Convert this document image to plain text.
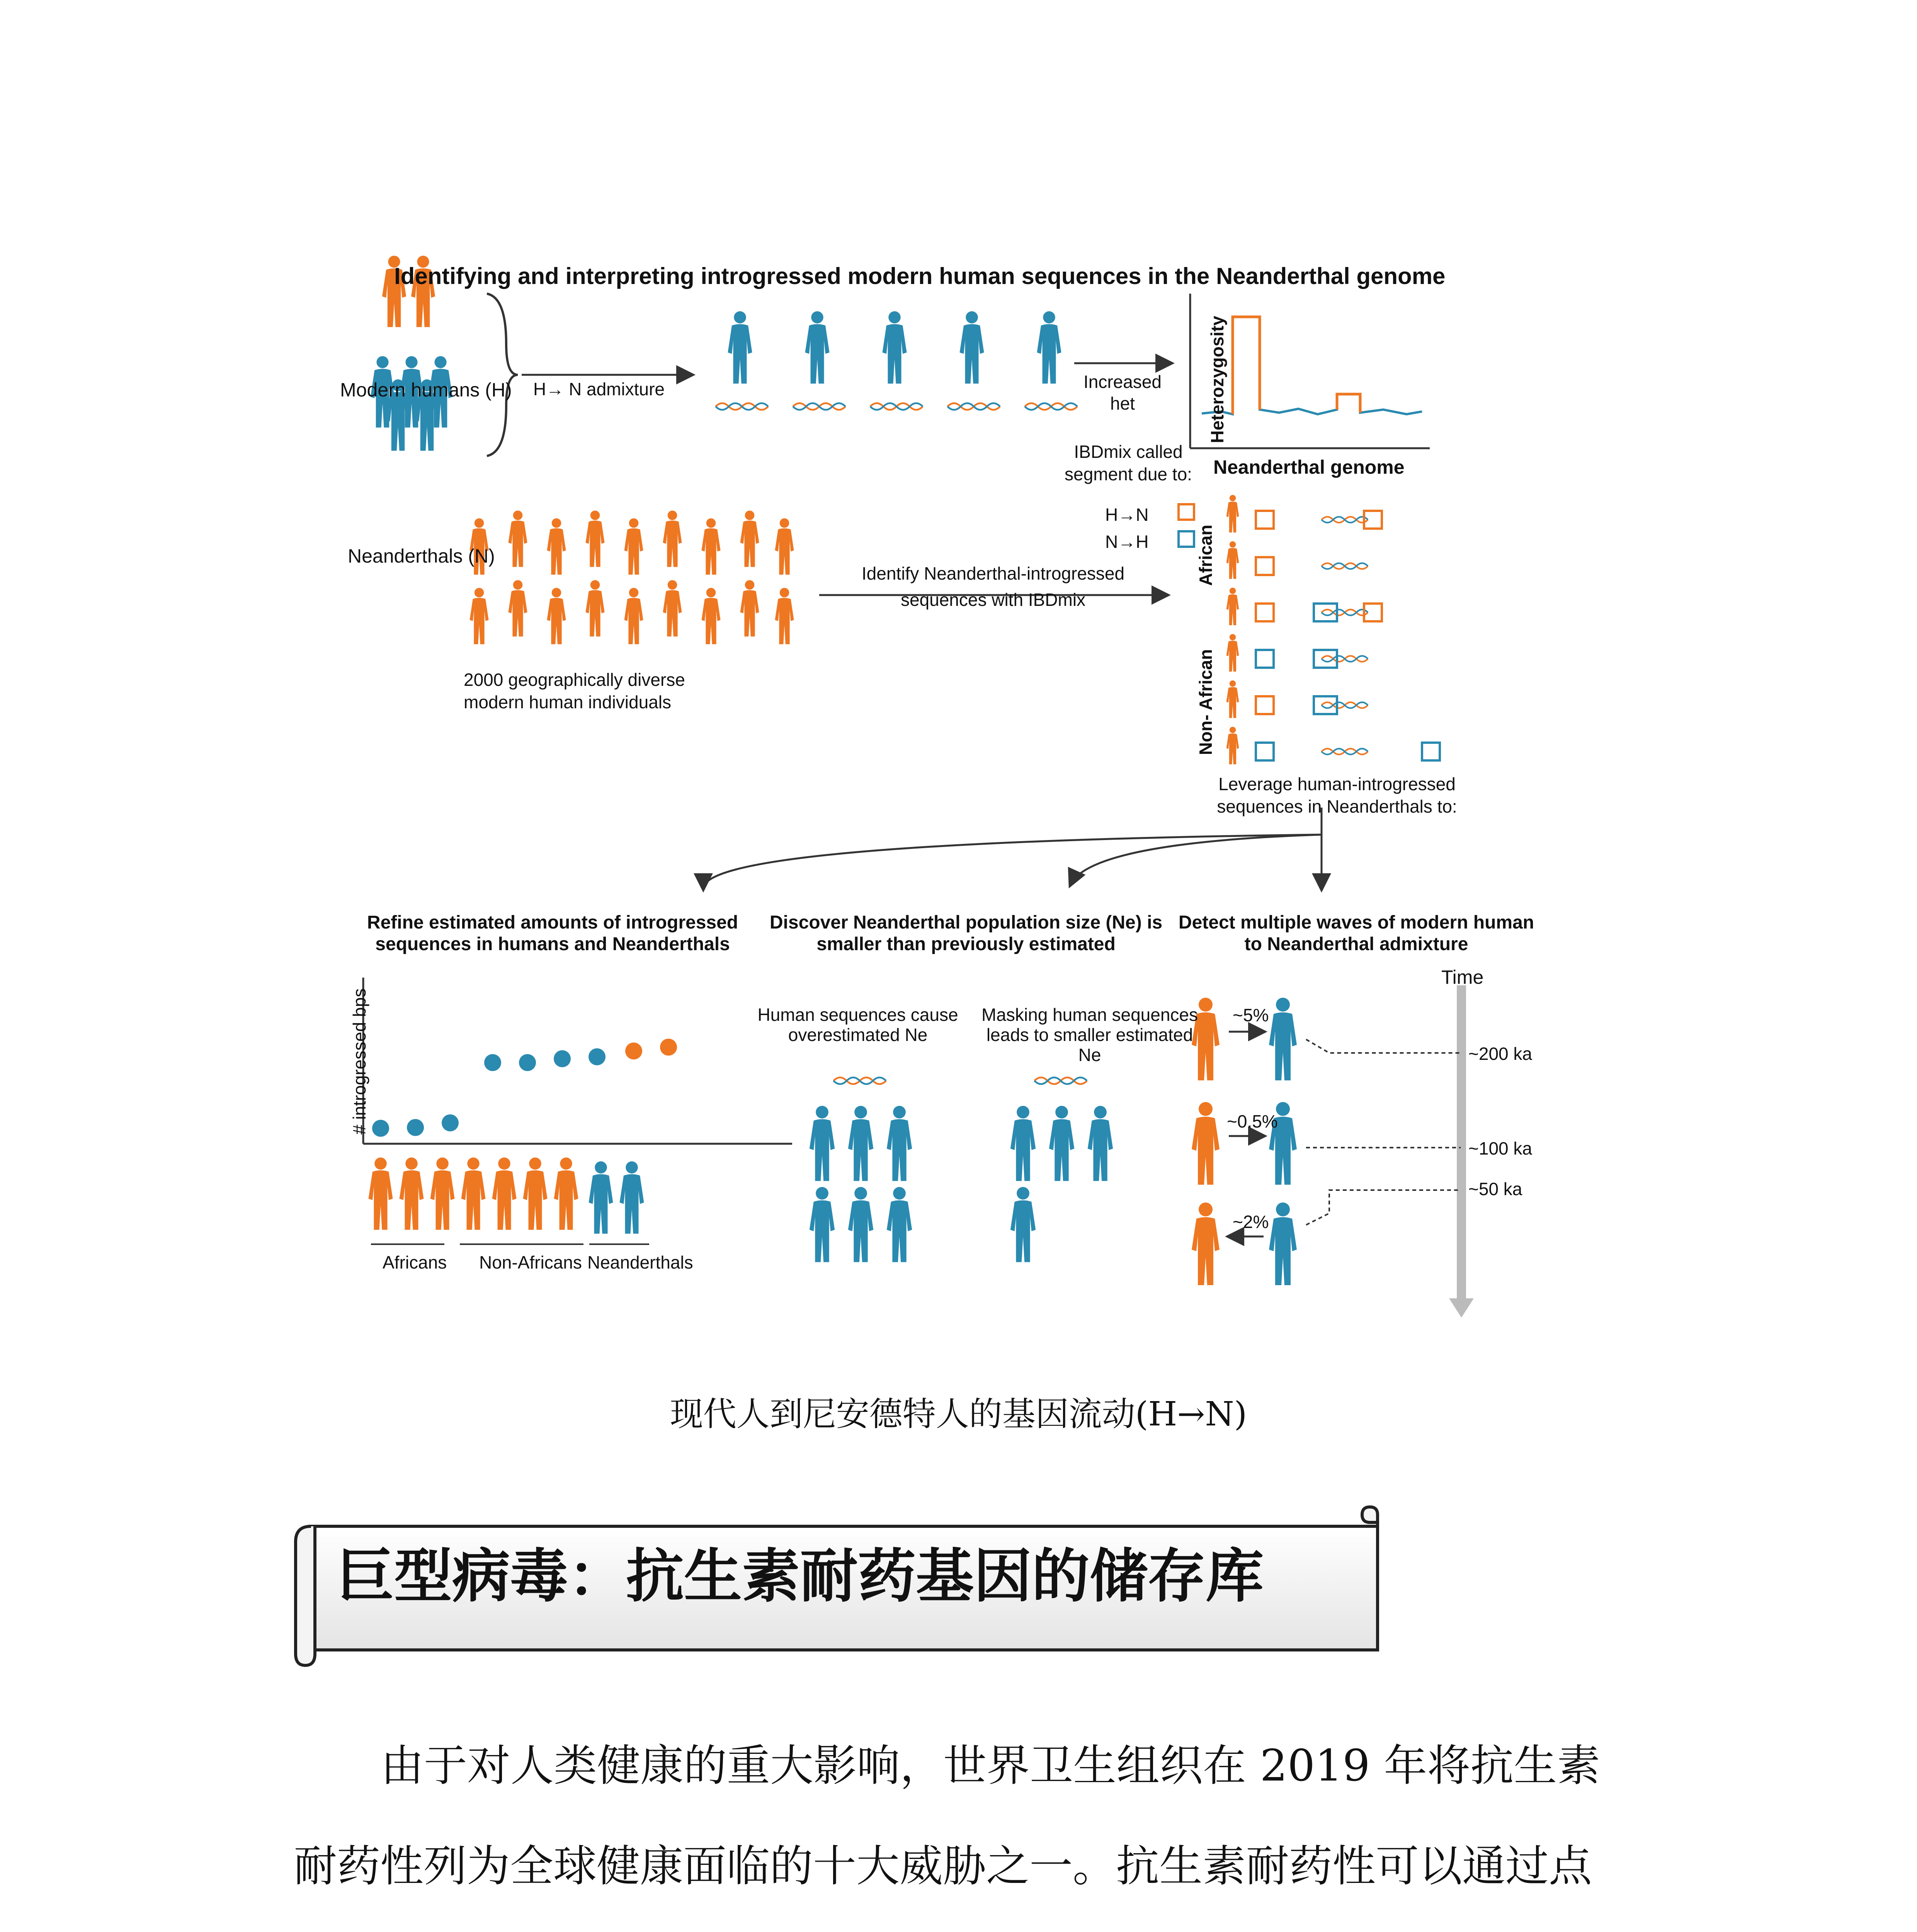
Identifying and interpreting introgressed modern human sequences in the Neanderthal genome
Modern humans (H)
Neanderthals (N)
H→ N admixture	Increased
het	Heterozygosity
Neanderthal genome
2000 geographically diverse modern human individuals
Identify Neanderthal-introgressed sequences with IBDmix
IBDmix called segment due to:
H→N
N→H	African
Non- African
Leverage human-introgressed sequences in Neanderthals to:
Refine estimated amounts of introgressed sequences in humans and Neanderthals
# introgressed bps
Africans Non-Africans Neanderthals
Discover Neanderthal population size (Ne) is smaller than previously estimated
Human sequences cause overestimated Ne
Masking human sequences leads to smaller estimated Ne
Detect multiple waves of modern human to Neanderthal admixture
Time
~5%
~200 ka
~0.5%
~100 ka
~2%
~50 ka
现代人到尼安德特人的基因流动(H→N)
巨型病毒：抗生素耐药基因的储存库
由于对人类健康的重大影响，世界卫生组织在 2019 年将抗生素
耐药性列为全球健康面临的十大威胁之一。抗生素耐药性可以通过点
